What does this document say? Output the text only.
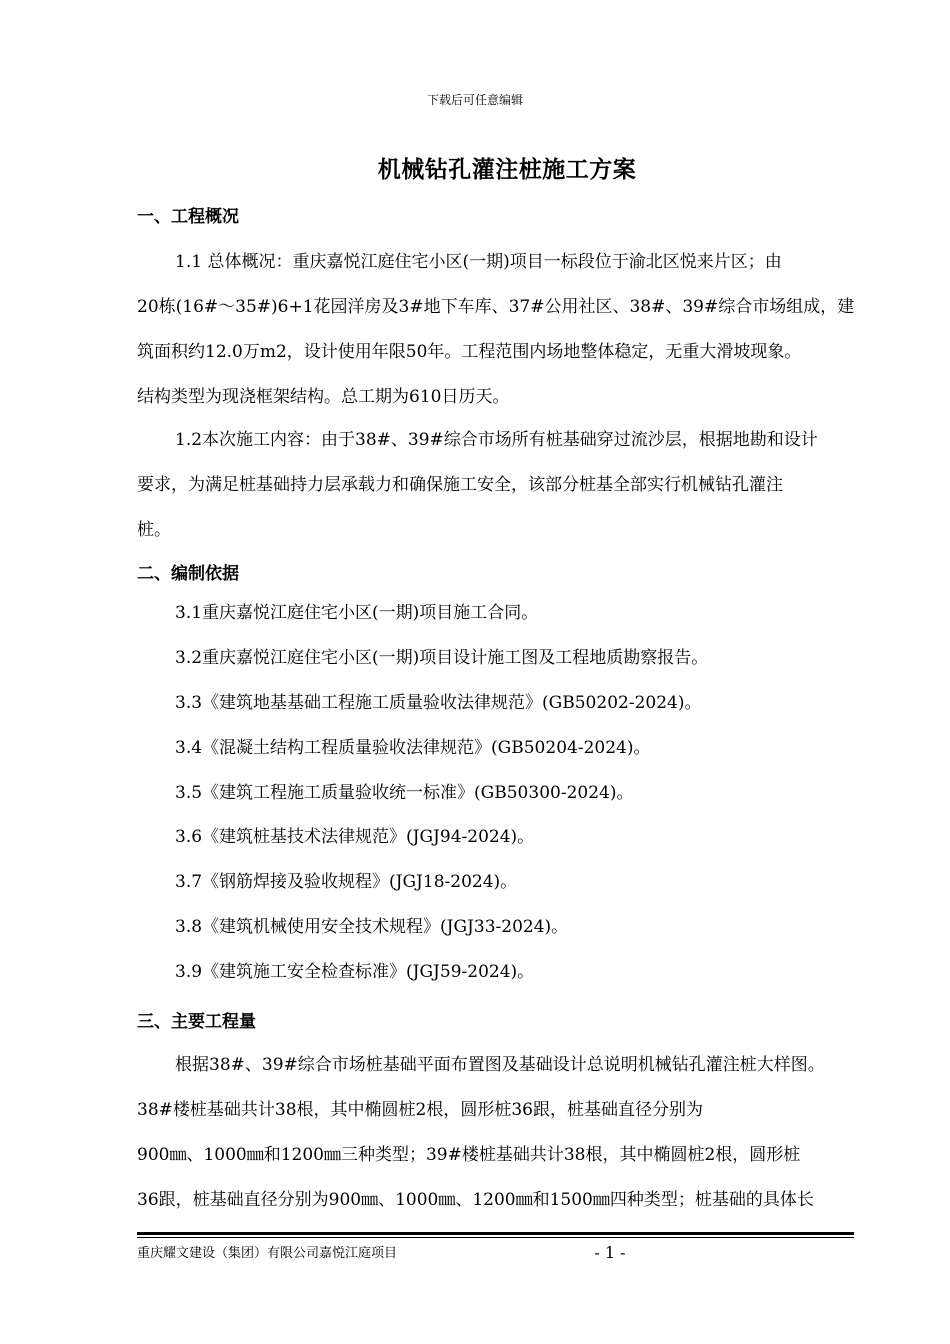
下载后可任意编辑
机械钻孔灌注桩施工方案
一、工程概况
1.1 总体概况：重庆嘉悦江庭住宅小区(一期)项目一标段位于渝北区悦来片区；由
20栋(16#～35#)6+1花园洋房及3#地下车库、37#公用社区、38#、39#综合市场组成，建
筑面积约12.0万m2，设计使用年限50年。工程范围内场地整体稳定，无重大滑坡现象。
结构类型为现浇框架结构。总工期为610日历天。
1.2本次施工内容：由于38#、39#综合市场所有桩基础穿过流沙层，根据地勘和设计
要求，为满足桩基础持力层承载力和确保施工安全，该部分桩基全部实行机械钻孔灌注
桩。
二、编制依据
3.1重庆嘉悦江庭住宅小区(一期)项目施工合同。
3.2重庆嘉悦江庭住宅小区(一期)项目设计施工图及工程地质勘察报告。
3.3《建筑地基基础工程施工质量验收法律规范》(GB50202-2024)。
3.4《混凝土结构工程质量验收法律规范》(GB50204-2024)。
3.5《建筑工程施工质量验收统一标准》(GB50300-2024)。
3.6《建筑桩基技术法律规范》(JGJ94-2024)。
3.7《钢筋焊接及验收规程》(JGJ18-2024)。
3.8《建筑机械使用安全技术规程》(JGJ33-2024)。
3.9《建筑施工安全检查标准》(JGJ59-2024)。
三、主要工程量
根据38#、39#综合市场桩基础平面布置图及基础设计总说明机械钻孔灌注桩大样图。
38#楼桩基础共计38根，其中椭圆桩2根，圆形桩36跟，桩基础直径分别为
900㎜、1000㎜和1200㎜三种类型；39#楼桩基础共计38根，其中椭圆桩2根，圆形桩
36跟，桩基础直径分别为900㎜、1000㎜、1200㎜和1500㎜四种类型；桩基础的具体长
重庆耀文建设（集团）有限公司嘉悦江庭项目	- 1 -
